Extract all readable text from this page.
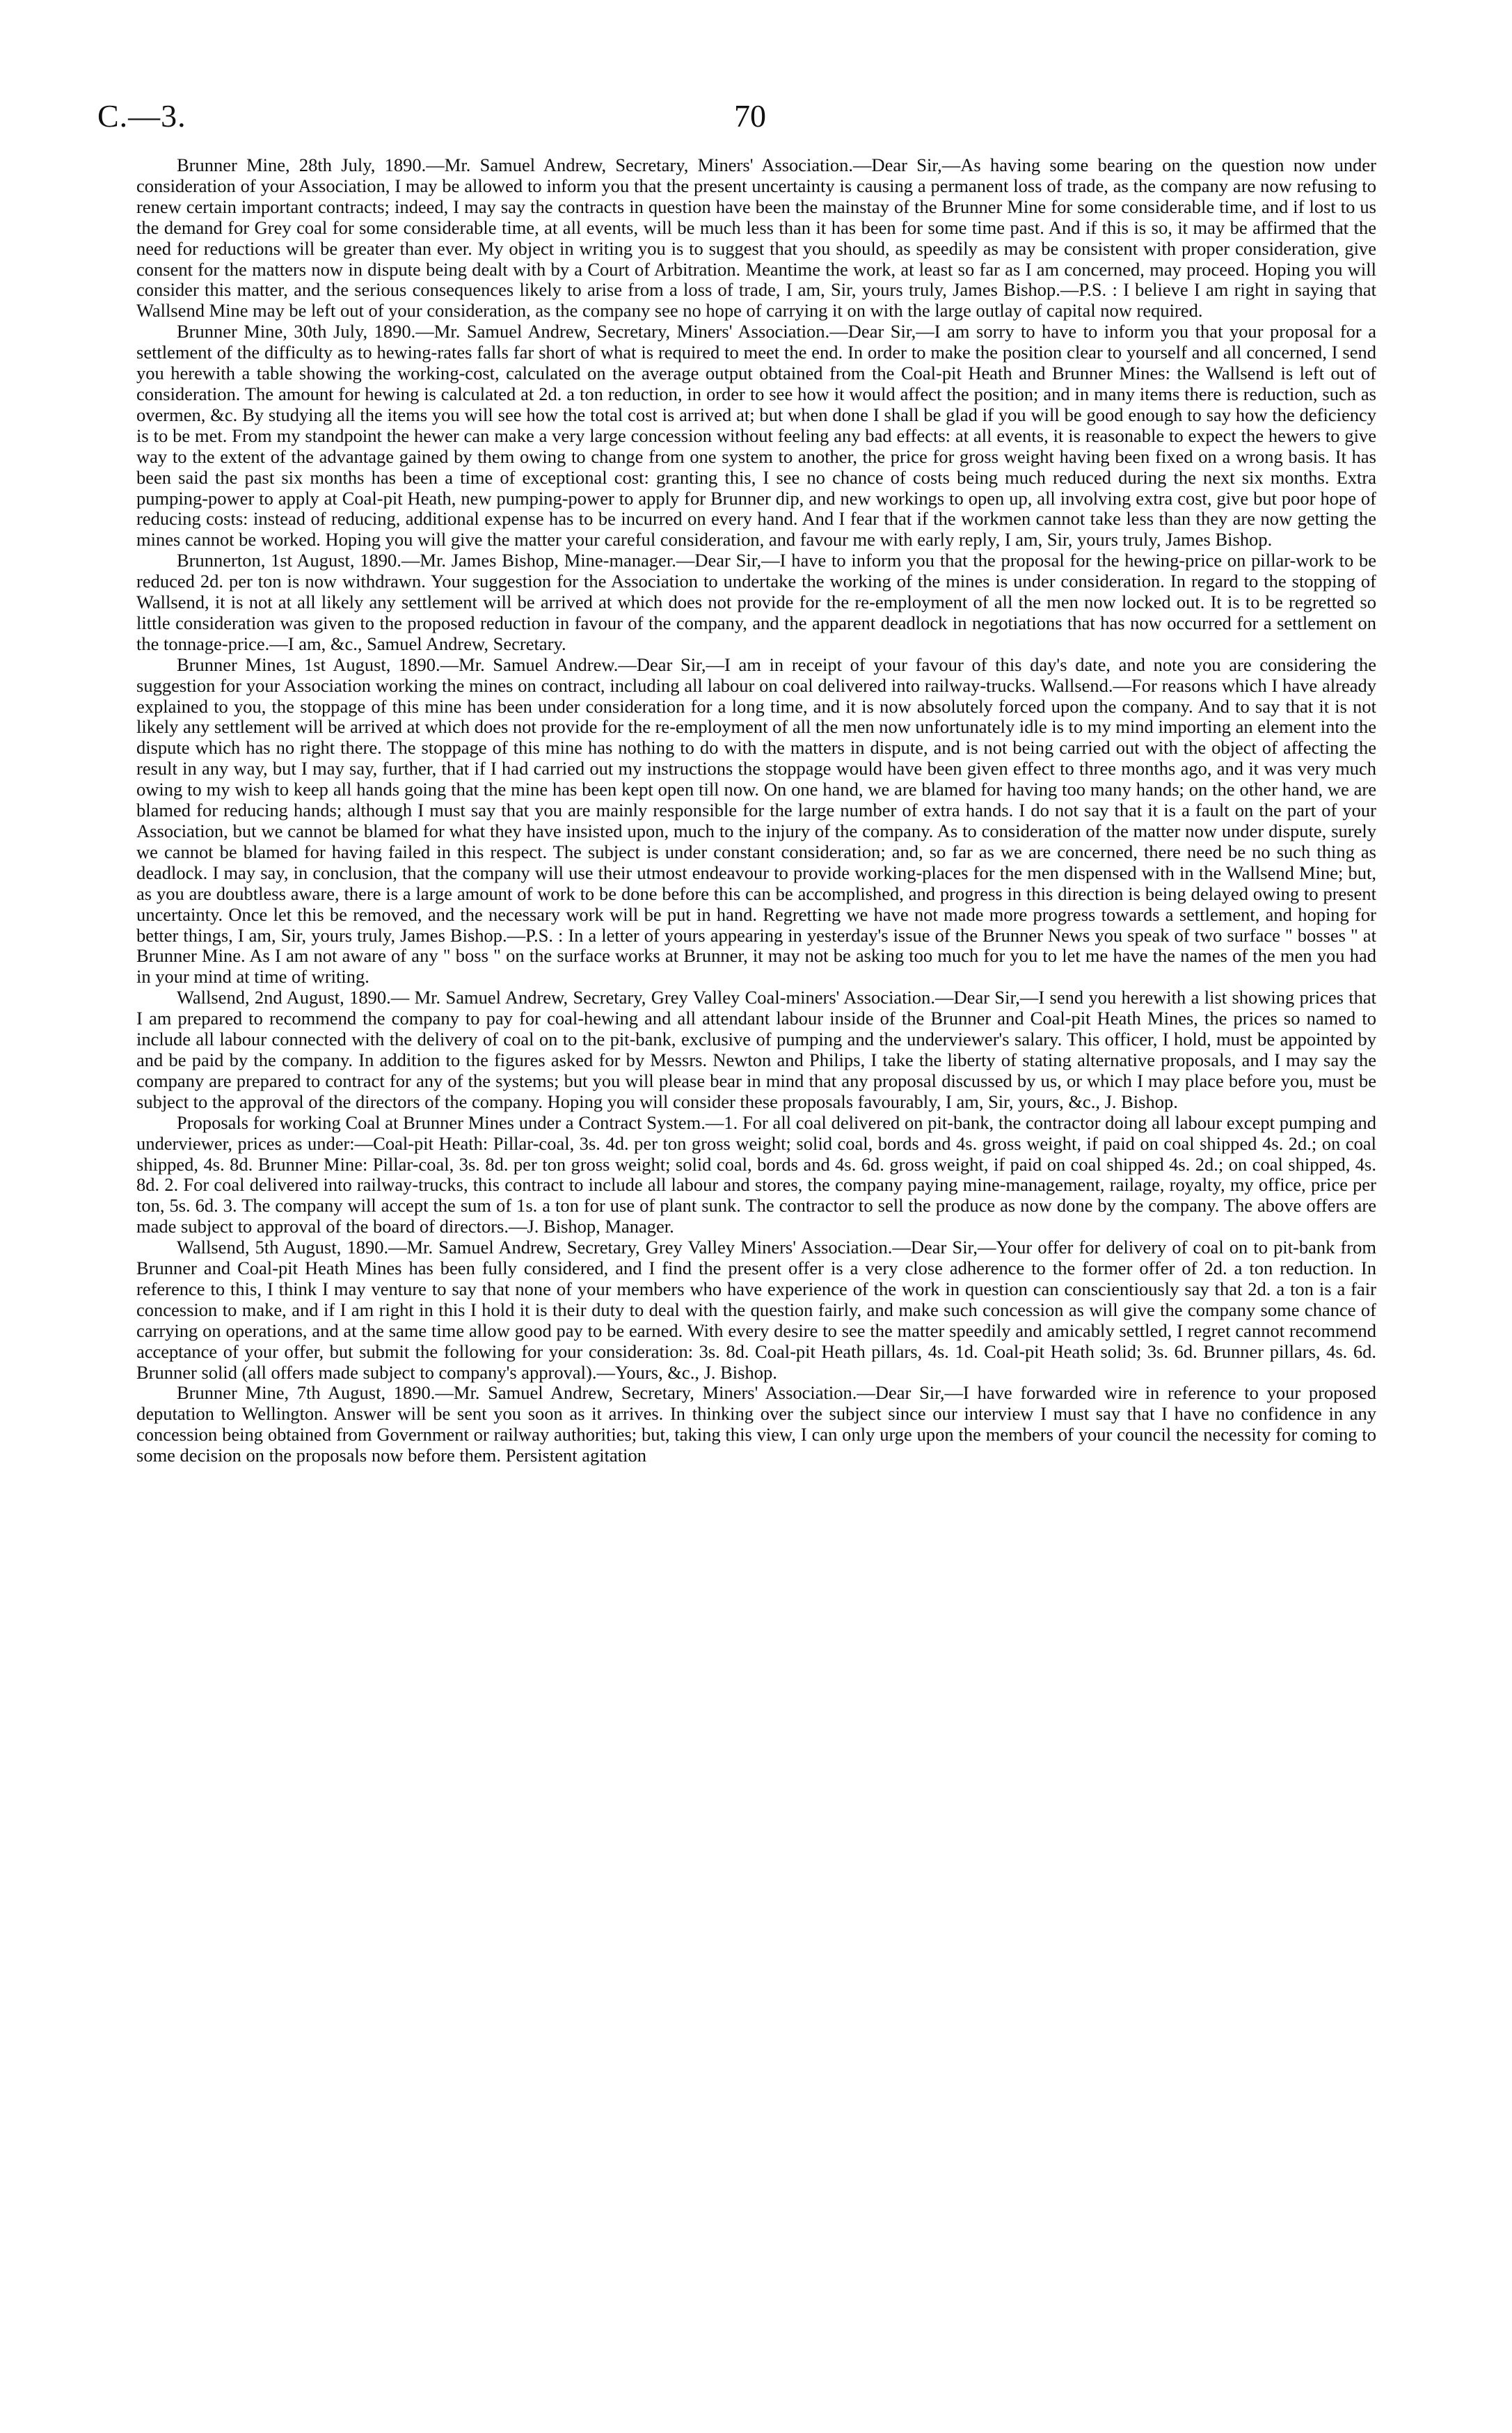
C.—3.	70

Brunner Mine, 28th July, 1890.—Mr. Samuel Andrew, Secretary, Miners' Association.—Dear Sir,—As having some bearing on the question now under consideration of your Association, I may be allowed to inform you that the present uncertainty is causing a permanent loss of trade, as the company are now refusing to renew certain important contracts; indeed, I may say the contracts in question have been the mainstay of the Brunner Mine for some considerable time, and if lost to us the demand for Grey coal for some considerable time, at all events, will be much less than it has been for some time past. And if this is so, it may be affirmed that the need for reductions will be greater than ever. My object in writing you is to suggest that you should, as speedily as may be consistent with proper consideration, give consent for the matters now in dispute being dealt with by a Court of Arbitration. Meantime the work, at least so far as I am concerned, may proceed. Hoping you will consider this matter, and the serious consequences likely to arise from a loss of trade, I am, Sir, yours truly, James Bishop.—P.S. : I believe I am right in saying that Wallsend Mine may be left out of your consideration, as the company see no hope of carrying it on with the large outlay of capital now required.

Brunner Mine, 30th July, 1890.—Mr. Samuel Andrew, Secretary, Miners' Association.—Dear Sir,—I am sorry to have to inform you that your proposal for a settlement of the difficulty as to hewing-rates falls far short of what is required to meet the end. In order to make the position clear to yourself and all concerned, I send you herewith a table showing the working-cost, calculated on the average output obtained from the Coal-pit Heath and Brunner Mines: the Wallsend is left out of consideration. The amount for hewing is calculated at 2d. a ton reduction, in order to see how it would affect the position; and in many items there is reduction, such as overmen, &c. By studying all the items you will see how the total cost is arrived at; but when done I shall be glad if you will be good enough to say how the deficiency is to be met. From my standpoint the hewer can make a very large concession without feeling any bad effects: at all events, it is reasonable to expect the hewers to give way to the extent of the advantage gained by them owing to change from one system to another, the price for gross weight having been fixed on a wrong basis. It has been said the past six months has been a time of exceptional cost: granting this, I see no chance of costs being much reduced during the next six months. Extra pumping-power to apply at Coal-pit Heath, new pumping-power to apply for Brunner dip, and new workings to open up, all involving extra cost, give but poor hope of reducing costs: instead of reducing, additional expense has to be incurred on every hand. And I fear that if the workmen cannot take less than they are now getting the mines cannot be worked. Hoping you will give the matter your careful consideration, and favour me with early reply, I am, Sir, yours truly, James Bishop.

Brunnerton, 1st August, 1890.—Mr. James Bishop, Mine-manager.—Dear Sir,—I have to inform you that the proposal for the hewing-price on pillar-work to be reduced 2d. per ton is now withdrawn. Your suggestion for the Association to undertake the working of the mines is under consideration. In regard to the stopping of Wallsend, it is not at all likely any settlement will be arrived at which does not provide for the re-employment of all the men now locked out. It is to be regretted so little consideration was given to the proposed reduction in favour of the company, and the apparent deadlock in negotiations that has now occurred for a settlement on the tonnage-price.—I am, &c., Samuel Andrew, Secretary.

Brunner Mines, 1st August, 1890.—Mr. Samuel Andrew.—Dear Sir,—I am in receipt of your favour of this day's date, and note you are considering the suggestion for your Association working the mines on contract, including all labour on coal delivered into railway-trucks. Wallsend.—For reasons which I have already explained to you, the stoppage of this mine has been under consideration for a long time, and it is now absolutely forced upon the company. And to say that it is not likely any settlement will be arrived at which does not provide for the re-employment of all the men now unfortunately idle is to my mind importing an element into the dispute which has no right there. The stoppage of this mine has nothing to do with the matters in dispute, and is not being carried out with the object of affecting the result in any way, but I may say, further, that if I had carried out my instructions the stoppage would have been given effect to three months ago, and it was very much owing to my wish to keep all hands going that the mine has been kept open till now. On one hand, we are blamed for having too many hands; on the other hand, we are blamed for reducing hands; although I must say that you are mainly responsible for the large number of extra hands. I do not say that it is a fault on the part of your Association, but we cannot be blamed for what they have insisted upon, much to the injury of the company. As to consideration of the matter now under dispute, surely we cannot be blamed for having failed in this respect. The subject is under constant consideration; and, so far as we are concerned, there need be no such thing as deadlock. I may say, in conclusion, that the company will use their utmost endeavour to provide working-places for the men dispensed with in the Wallsend Mine; but, as you are doubtless aware, there is a large amount of work to be done before this can be accomplished, and progress in this direction is being delayed owing to present uncertainty. Once let this be removed, and the necessary work will be put in hand. Regretting we have not made more progress towards a settlement, and hoping for better things, I am, Sir, yours truly, James Bishop.—P.S. : In a letter of yours appearing in yesterday's issue of the Brunner News you speak of two surface " bosses " at Brunner Mine. As I am not aware of any " boss " on the surface works at Brunner, it may not be asking too much for you to let me have the names of the men you had in your mind at time of writing.

Wallsend, 2nd August, 1890.— Mr. Samuel Andrew, Secretary, Grey Valley Coal-miners' Association.—Dear Sir,—I send you herewith a list showing prices that I am prepared to recommend the company to pay for coal-hewing and all attendant labour inside of the Brunner and Coal-pit Heath Mines, the prices so named to include all labour connected with the delivery of coal on to the pit-bank, exclusive of pumping and the underviewer's salary. This officer, I hold, must be appointed by and be paid by the company. In addition to the figures asked for by Messrs. Newton and Philips, I take the liberty of stating alternative proposals, and I may say the company are prepared to contract for any of the systems; but you will please bear in mind that any proposal discussed by us, or which I may place before you, must be subject to the approval of the directors of the company. Hoping you will consider these proposals favourably, I am, Sir, yours, &c., J. Bishop.

Proposals for working Coal at Brunner Mines under a Contract System.—1. For all coal delivered on pit-bank, the contractor doing all labour except pumping and underviewer, prices as under:—Coal-pit Heath: Pillar-coal, 3s. 4d. per ton gross weight; solid coal, bords and 4s. gross weight, if paid on coal shipped 4s. 2d.; on coal shipped, 4s. 8d. Brunner Mine: Pillar-coal, 3s. 8d. per ton gross weight; solid coal, bords and 4s. 6d. gross weight, if paid on coal shipped 4s. 2d.; on coal shipped, 4s. 8d. 2. For coal delivered into railway-trucks, this contract to include all labour and stores, the company paying mine-management, railage, royalty, my office, price per ton, 5s. 6d. 3. The company will accept the sum of 1s. a ton for use of plant sunk. The contractor to sell the produce as now done by the company. The above offers are made subject to approval of the board of directors.—J. Bishop, Manager.

Wallsend, 5th August, 1890.—Mr. Samuel Andrew, Secretary, Grey Valley Miners' Association.—Dear Sir,—Your offer for delivery of coal on to pit-bank from Brunner and Coal-pit Heath Mines has been fully considered, and I find the present offer is a very close adherence to the former offer of 2d. a ton reduction. In reference to this, I think I may venture to say that none of your members who have experience of the work in question can conscientiously say that 2d. a ton is a fair concession to make, and if I am right in this I hold it is their duty to deal with the question fairly, and make such concession as will give the company some chance of carrying on operations, and at the same time allow good pay to be earned. With every desire to see the matter speedily and amicably settled, I regret cannot recommend acceptance of your offer, but submit the following for your consideration: 3s. 8d. Coal-pit Heath pillars, 4s. 1d. Coal-pit Heath solid; 3s. 6d. Brunner pillars, 4s. 6d. Brunner solid (all offers made subject to company's approval).—Yours, &c., J. Bishop.

Brunner Mine, 7th August, 1890.—Mr. Samuel Andrew, Secretary, Miners' Association.—Dear Sir,—I have forwarded wire in reference to your proposed deputation to Wellington. Answer will be sent you soon as it arrives. In thinking over the subject since our interview I must say that I have no confidence in any concession being obtained from Government or railway authorities; but, taking this view, I can only urge upon the members of your council the necessity for coming to some decision on the proposals now before them. Persistent agitation
